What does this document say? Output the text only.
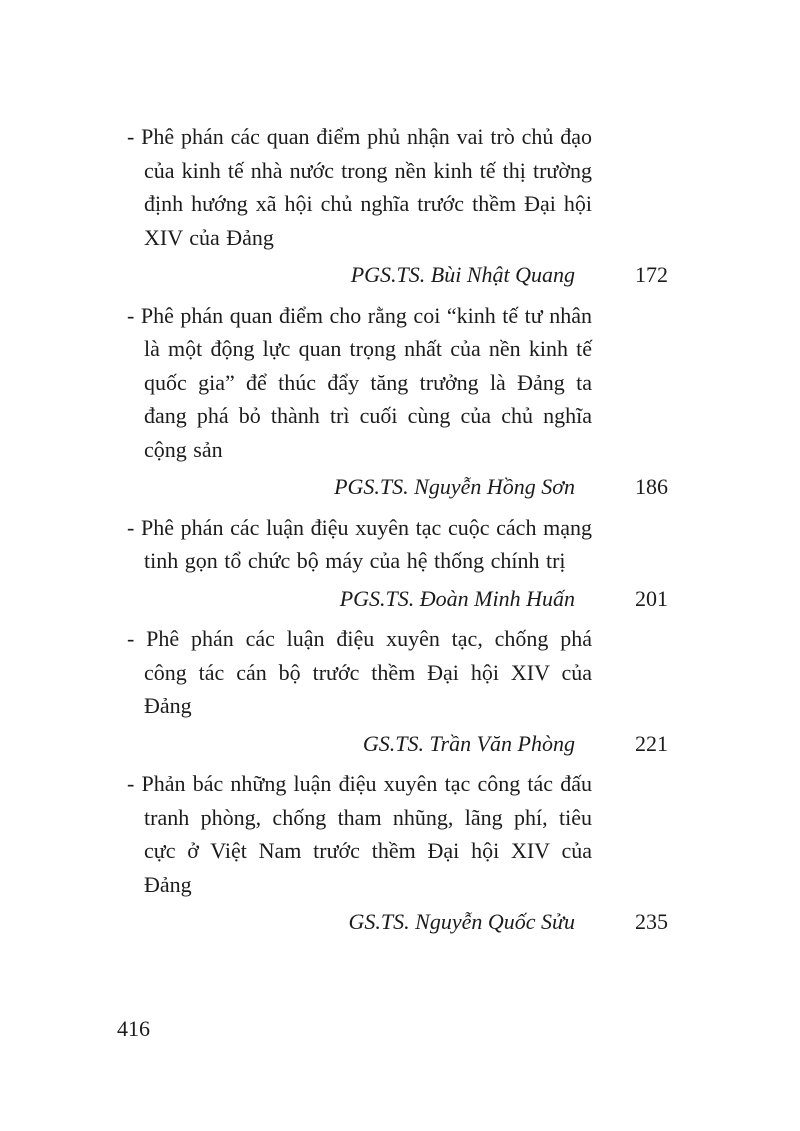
- Phê phán các quan điểm phủ nhận vai trò chủ đạo của kinh tế nhà nước trong nền kinh tế thị trường định hướng xã hội chủ nghĩa trước thềm Đại hội XIV của Đảng

PGS.TS. Bùi Nhật Quang	172

- Phê phán quan điểm cho rằng coi “kinh tế tư nhân là một động lực quan trọng nhất của nền kinh tế quốc gia” để thúc đẩy tăng trưởng là Đảng ta đang phá bỏ thành trì cuối cùng của chủ nghĩa cộng sản

PGS.TS. Nguyễn Hồng Sơn	186

- Phê phán các luận điệu xuyên tạc cuộc cách mạng tinh gọn tổ chức bộ máy của hệ thống chính trị

PGS.TS. Đoàn Minh Huấn	201

- Phê phán các luận điệu xuyên tạc, chống phá công tác cán bộ trước thềm Đại hội XIV của Đảng

GS.TS. Trần Văn Phòng	221

- Phản bác những luận điệu xuyên tạc công tác đấu tranh phòng, chống tham nhũng, lãng phí, tiêu cực ở Việt Nam trước thềm Đại hội XIV của Đảng

GS.TS. Nguyễn Quốc Sửu	235
416
